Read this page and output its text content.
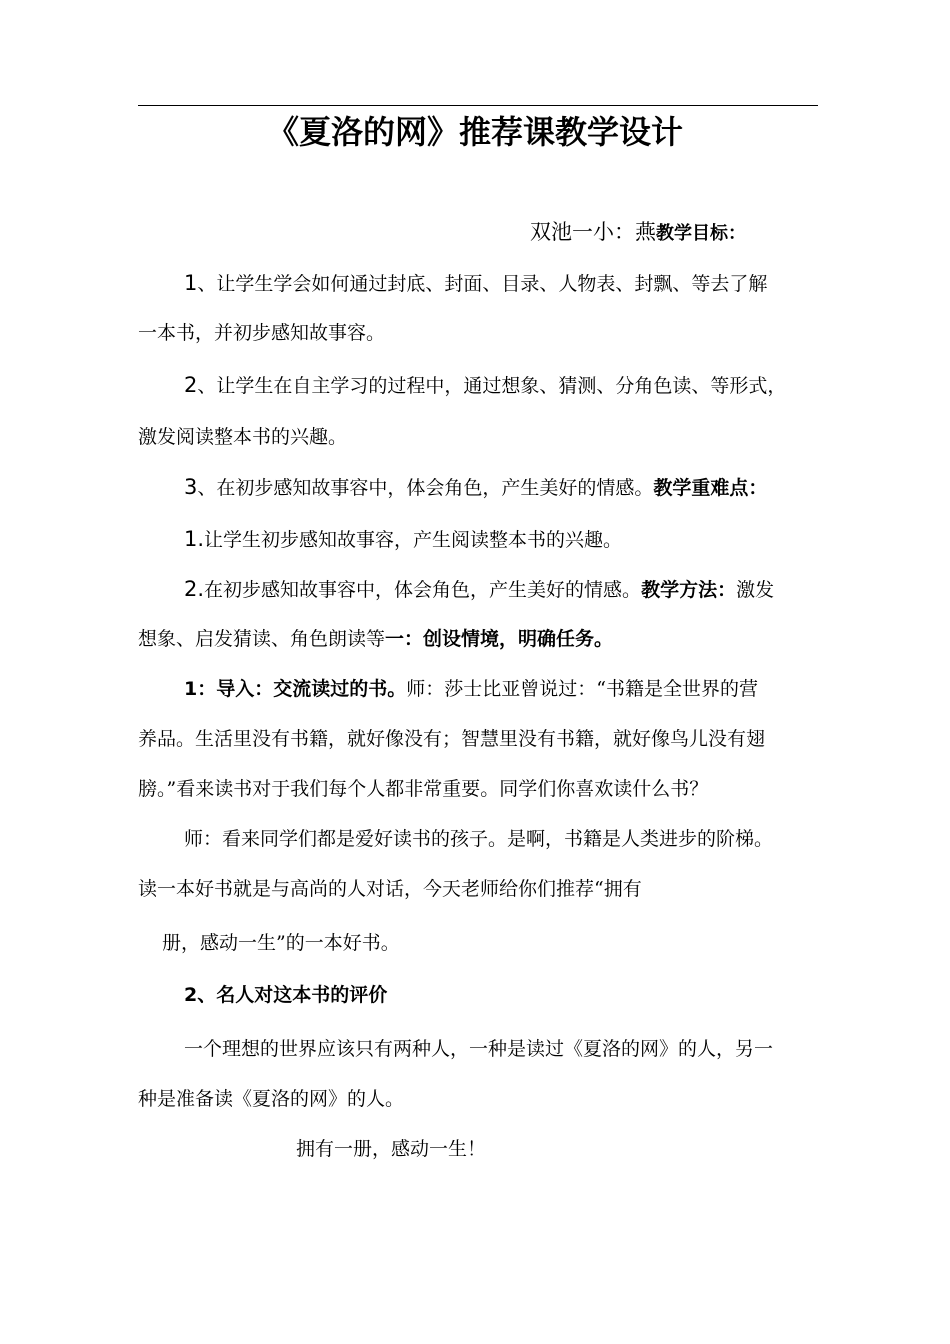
《夏洛的网》推荐课教学设计
双池一小：燕教学目标：
1、让学生学会如何通过封底、封面、目录、人物表、封飘、等去了解
一本书，并初步感知故事容。
2、让学生在自主学习的过程中，通过想象、猜测、分角色读、等形式，
激发阅读整本书的兴趣。
3、在初步感知故事容中，体会角色，产生美好的情感。教学重难点：
1.让学生初步感知故事容，产生阅读整本书的兴趣。
2.在初步感知故事容中，体会角色，产生美好的情感。教学方法：激发
想象、启发猜读、角色朗读等一：创设情境，明确任务。
1：导入：交流读过的书。师：莎士比亚曾说过：“书籍是全世界的营
养品。生活里没有书籍，就好像没有；智慧里没有书籍，就好像鸟儿没有翅
膀。”看来读书对于我们每个人都非常重要。同学们你喜欢读什么书？
师：看来同学们都是爱好读书的孩子。是啊，书籍是人类进步的阶梯。
读一本好书就是与高尚的人对话，今天老师给你们推荐“拥有
册，感动一生”的一本好书。
2、名人对这本书的评价
一个理想的世界应该只有两种人，一种是读过《夏洛的网》的人，另一
种是准备读《夏洛的网》的人。
拥有一册，感动一生！
